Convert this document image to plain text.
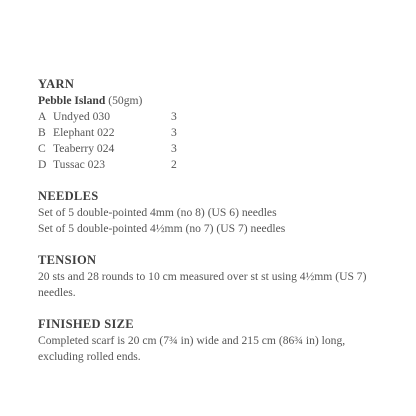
YARN

Pebble Island (50gm)

A Undyed 030	3
B Elephant 022	3
C Teaberry 024	3
D Tussac 023	2

NEEDLES

Set of 5 double-pointed 4mm (no 8) (US 6) needles

Set of 5 double-pointed 4½mm (no 7) (US 7) needles

TENSION

20 sts and 28 rounds to 10 cm measured over st st using 4½mm (US 7)

needles.

FINISHED SIZE

Completed scarf is 20 cm (7¾ in) wide and 215 cm (86¾ in) long,

excluding rolled ends.
